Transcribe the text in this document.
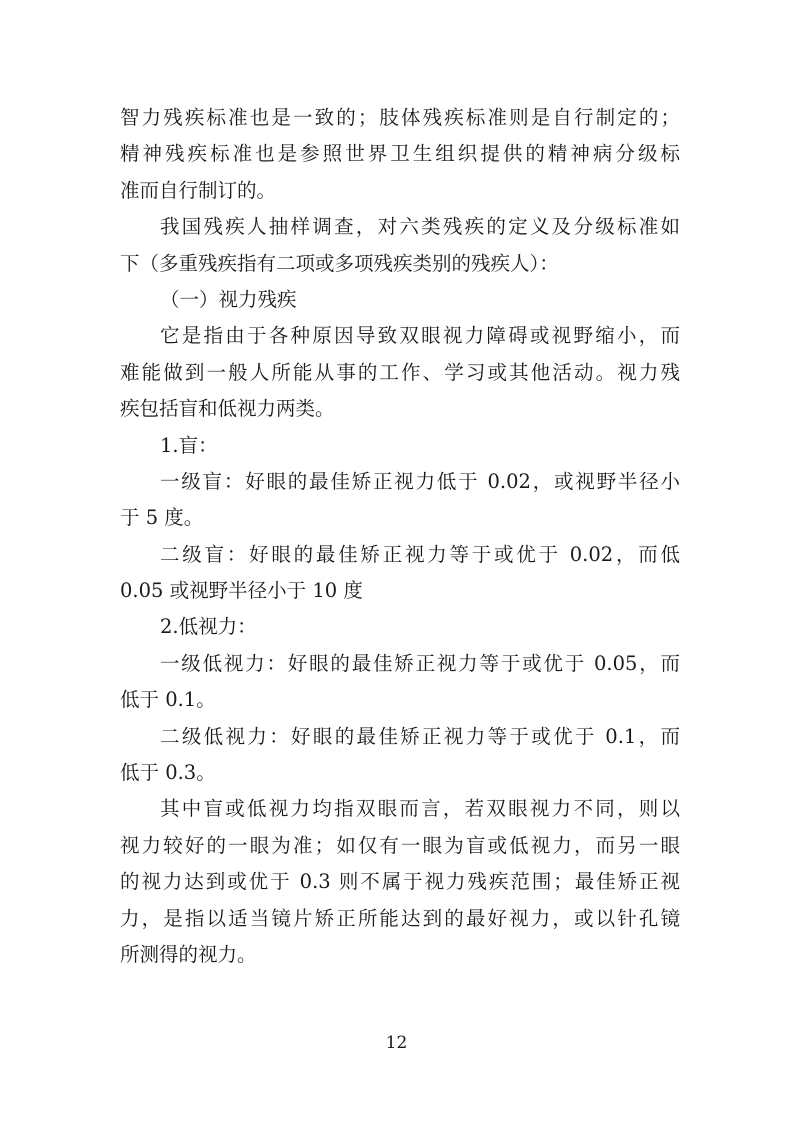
智力残疾标准也是一致的；肢体残疾标准则是自行制定的；
精神残疾标准也是参照世界卫生组织提供的精神病分级标
准而自行制订的。
我国残疾人抽样调查，对六类残疾的定义及分级标准如
下（多重残疾指有二项或多项残疾类别的残疾人）：
（一）视力残疾
它是指由于各种原因导致双眼视力障碍或视野缩小，而
难能做到一般人所能从事的工作、学习或其他活动。视力残
疾包括盲和低视力两类。
1.盲：
一级盲：好眼的最佳矫正视力低于 0.02，或视野半径小
于 5 度。
二级盲：好眼的最佳矫正视力等于或优于 0.02，而低
0.05 或视野半径小于 10 度
2.低视力：
一级低视力：好眼的最佳矫正视力等于或优于 0.05，而
低于 0.1。
二级低视力：好眼的最佳矫正视力等于或优于 0.1，而
低于 0.3。
其中盲或低视力均指双眼而言，若双眼视力不同，则以
视力较好的一眼为准；如仅有一眼为盲或低视力，而另一眼
的视力达到或优于 0.3 则不属于视力残疾范围；最佳矫正视
力，是指以适当镜片矫正所能达到的最好视力，或以针孔镜
所测得的视力。
12
